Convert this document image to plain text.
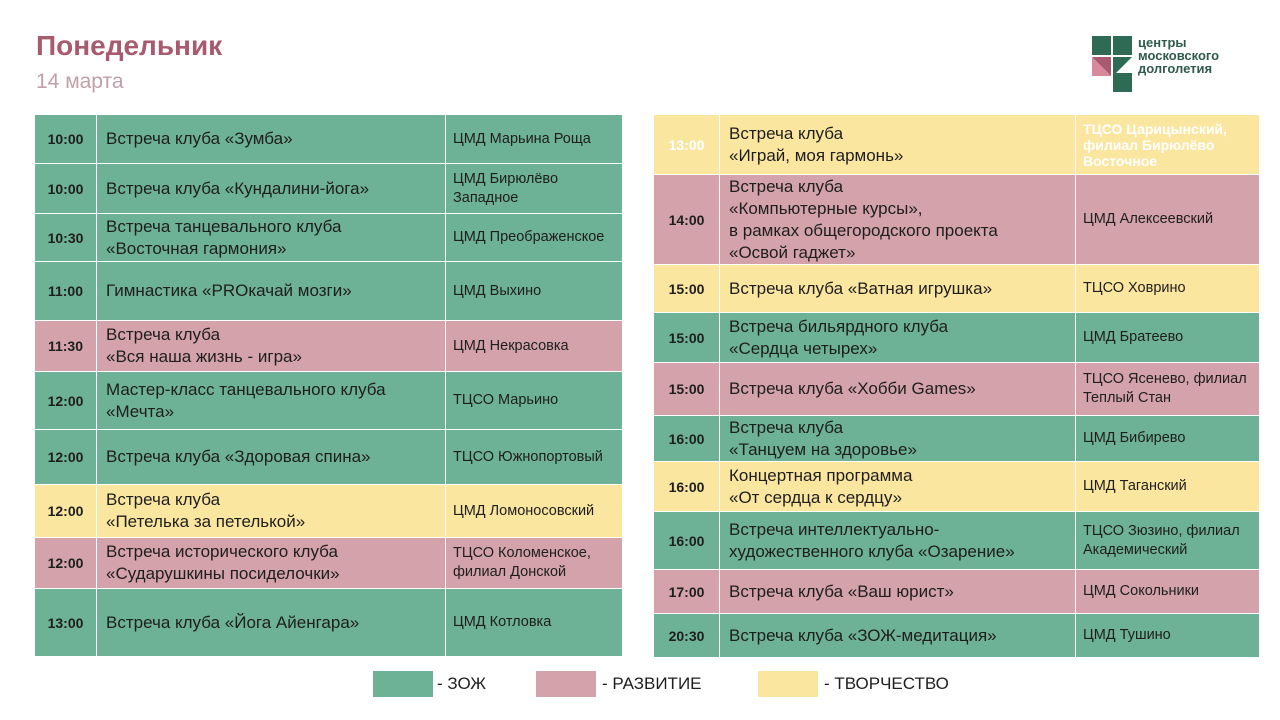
Понедельник
14 марта
центры
московского
долголетия
10:00	Встреча клуба «Зумба»	ЦМД Марьина Роща
10:00	Встреча клуба «Кундалини-йога»	ЦМД Бирюлёво Западное
10:30	Встреча танцевального клуба
«Восточная гармония»	ЦМД Преображенское
11:00	Гимнастика «PROкачай мозги»	ЦМД Выхино
11:30	Встреча клуба
«Вся наша жизнь - игра»	ЦМД Некрасовка
12:00	Мастер-класс танцевального клуба
«Мечта»	ТЦСО Марьино
12:00	Встреча клуба «Здоровая спина»	ТЦСО Южнопортовый
12:00	Встреча клуба
«Петелька за петелькой»	ЦМД Ломоносовский
12:00	Встреча исторического клуба
«Сударушкины посиделочки»	ТЦСО Коломенское, филиал Донской
13:00	Встреча клуба «Йога Айенгара»	ЦМД Котловка
13:00	Встреча клуба
«Играй, моя гармонь»	ТЦСО Царицынский, филиал Бирюлёво Восточное
14:00	Встреча клуба
«Компьютерные курсы»,
в рамках общегородского проекта
«Освой гаджет»	ЦМД Алексеевский
15:00	Встреча клуба «Ватная игрушка»	ТЦСО Ховрино
15:00	Встреча бильярдного клуба
«Сердца четырех»	ЦМД Братеево
15:00	Встреча клуба «Хобби Games»	ТЦСО Ясенево, филиал Теплый Стан
16:00	Встреча клуба
«Танцуем на здоровье»	ЦМД Бибирево
16:00	Концертная программа
«От сердца к сердцу»	ЦМД Таганский
16:00	Встреча интеллектуально-
художественного клуба «Озарение»	ТЦСО Зюзино, филиал Академический
17:00	Встреча клуба «Ваш юрист»	ЦМД Сокольники
20:30	Встреча клуба «ЗОЖ-медитация»	ЦМД Тушино
- ЗОЖ	- РАЗВИТИЕ	- ТВОРЧЕСТВО
